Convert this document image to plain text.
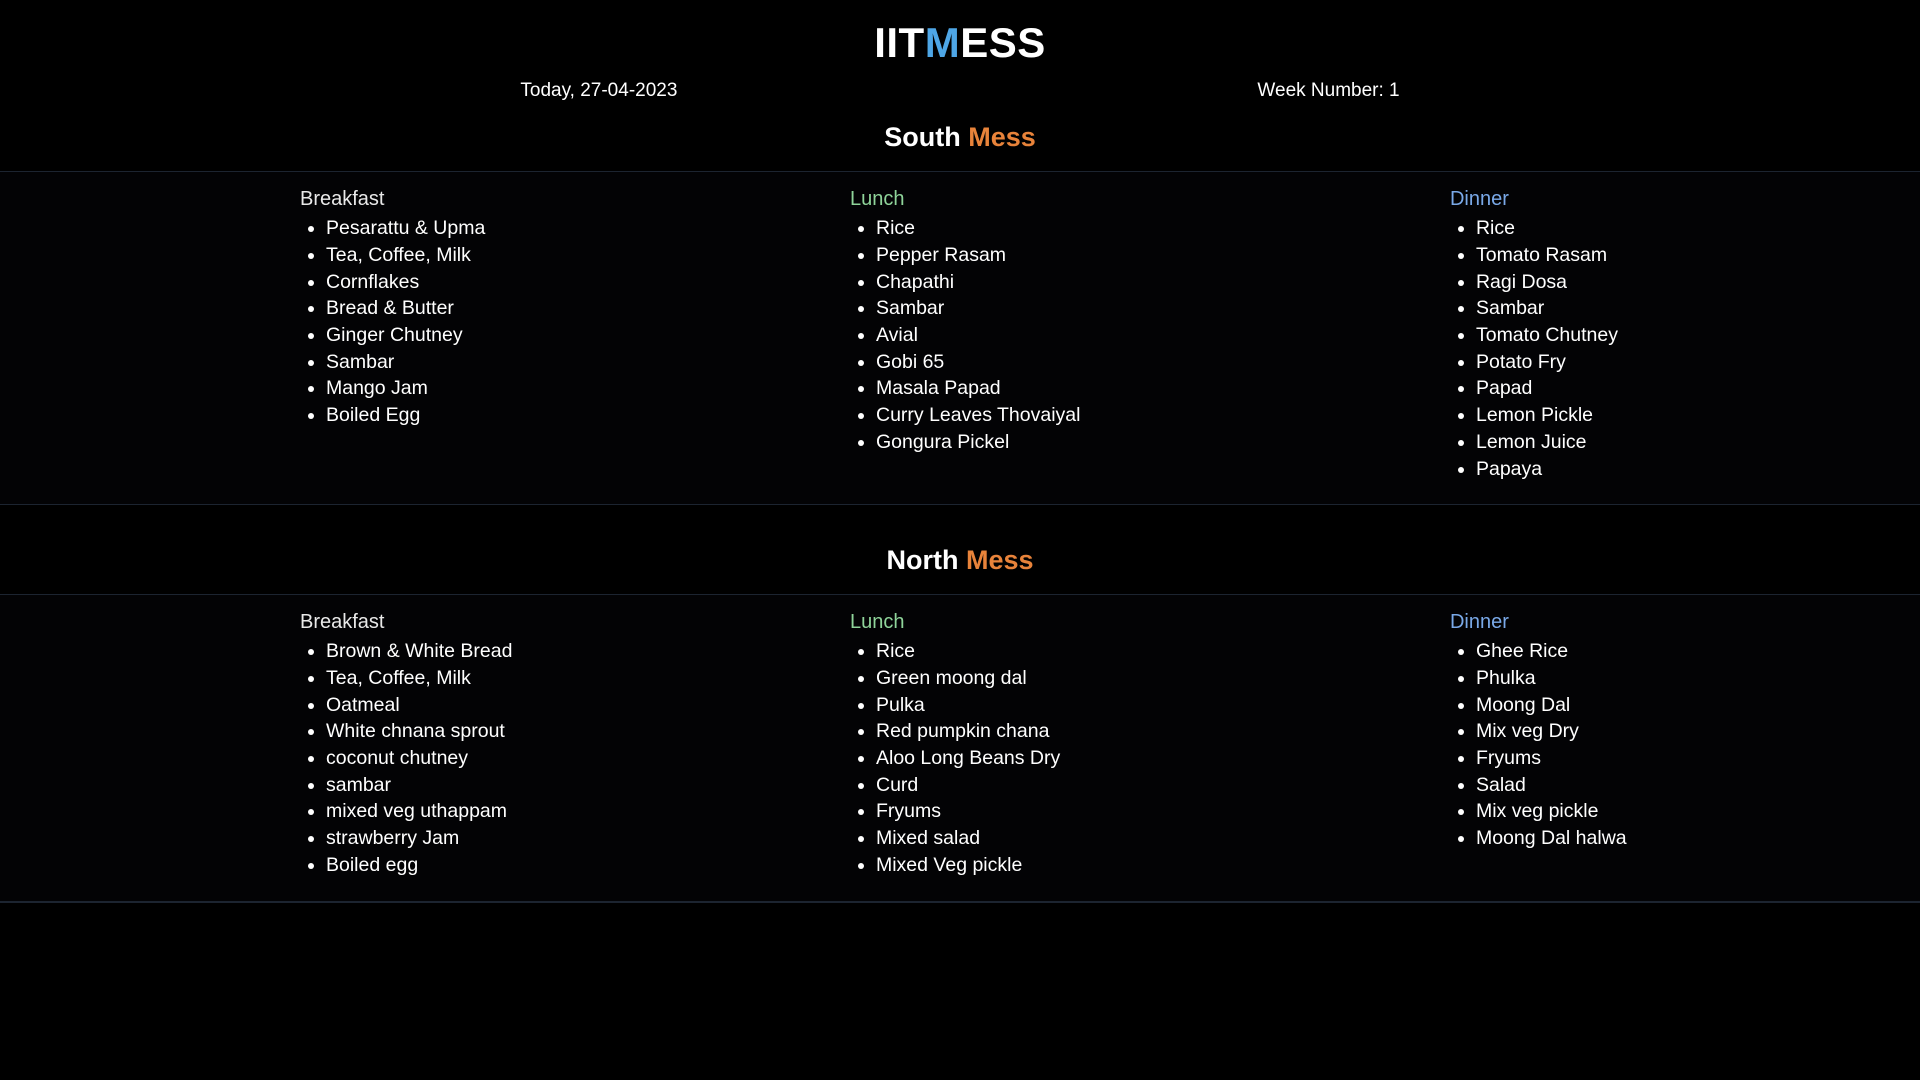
IITMESS
Today, 27-04-2023	Week Number: 1
South Mess
Breakfast
• Pesarattu & Upma
• Tea, Coffee, Milk
• Cornflakes
• Bread & Butter
• Ginger Chutney
• Sambar
• Mango Jam
• Boiled Egg
Lunch
• Rice
• Pepper Rasam
• Chapathi
• Sambar
• Avial
• Gobi 65
• Masala Papad
• Curry Leaves Thovaiyal
• Gongura Pickel
Dinner
• Rice
• Tomato Rasam
• Ragi Dosa
• Sambar
• Tomato Chutney
• Potato Fry
• Papad
• Lemon Pickle
• Lemon Juice
• Papaya
North Mess
Breakfast
• Brown & White Bread
• Tea, Coffee, Milk
• Oatmeal
• White chnana sprout
• coconut chutney
• sambar
• mixed veg uthappam
• strawberry Jam
• Boiled egg
Lunch
• Rice
• Green moong dal
• Pulka
• Red pumpkin chana
• Aloo Long Beans Dry
• Curd
• Fryums
• Mixed salad
• Mixed Veg pickle
Dinner
• Ghee Rice
• Phulka
• Moong Dal
• Mix veg Dry
• Fryums
• Salad
• Mix veg pickle
• Moong Dal halwa
